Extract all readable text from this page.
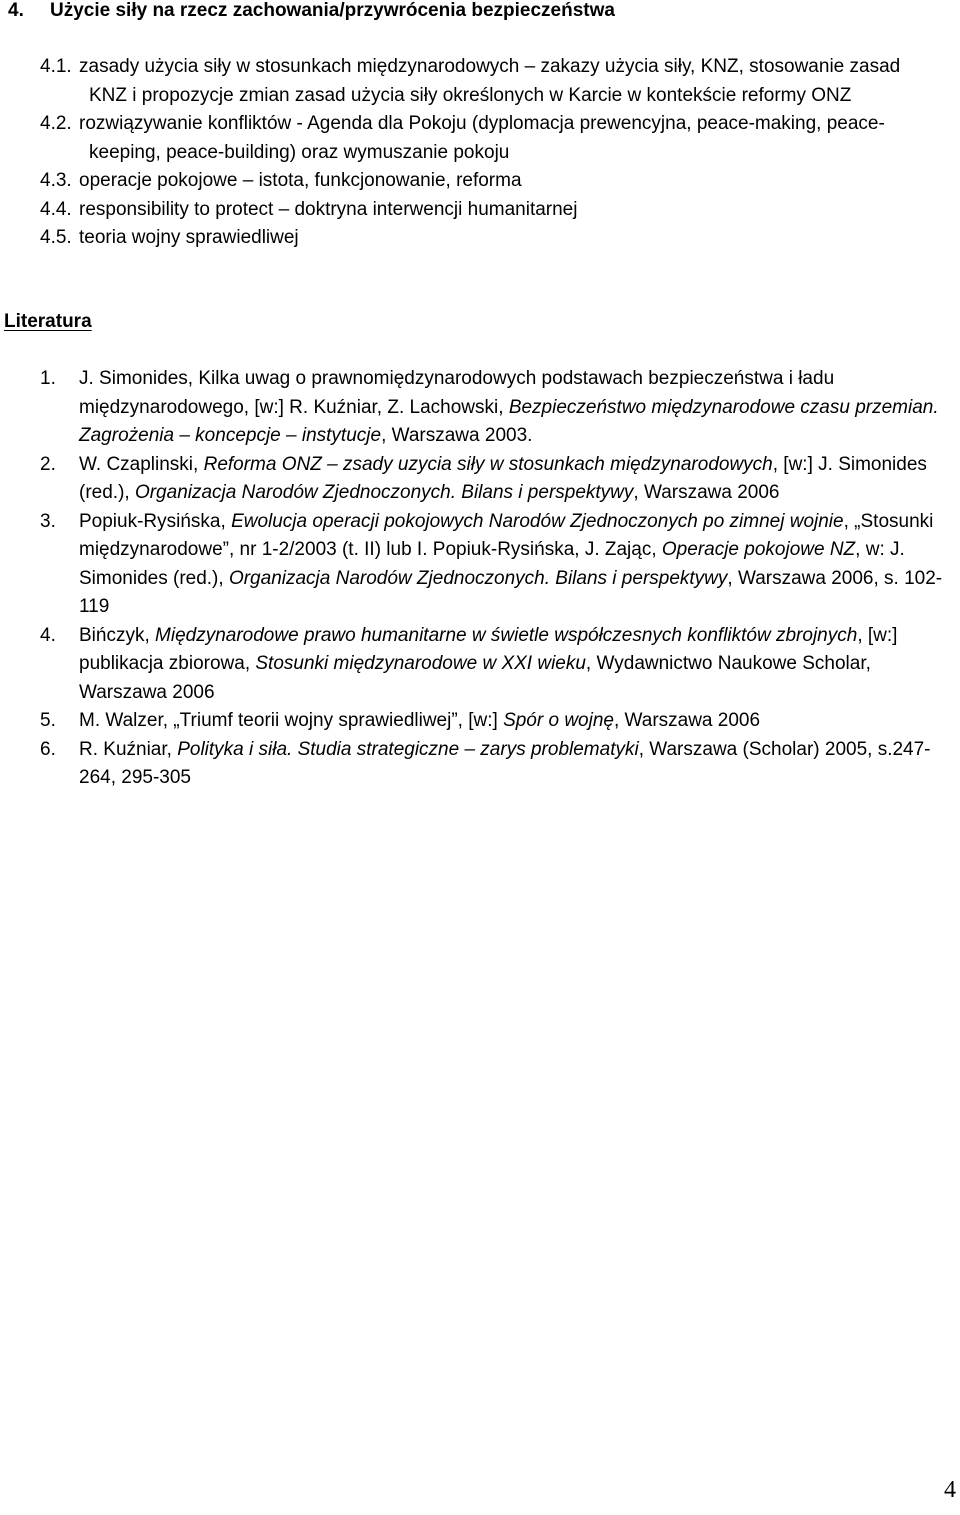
4. Użycie siły na rzecz zachowania/przywrócenia bezpieczeństwa
4.1. zasady użycia siły w stosunkach międzynarodowych – zakazy użycia siły, KNZ, stosowanie zasad KNZ i propozycje zmian zasad użycia siły określonych w Karcie w kontekście reformy ONZ
4.2. rozwiązywanie konfliktów - Agenda dla Pokoju (dyplomacja prewencyjna, peace-making, peace-keeping, peace-building) oraz wymuszanie pokoju
4.3. operacje pokojowe – istota, funkcjonowanie, reforma
4.4. responsibility to protect – doktryna interwencji humanitarnej
4.5. teoria wojny sprawiedliwej
Literatura
1.	J. Simonides, Kilka uwag o prawnomiędzynarodowych podstawach bezpieczeństwa i ładu międzynarodowego, [w:] R. Kuźniar, Z. Lachowski, Bezpieczeństwo międzynarodowe czasu przemian. Zagrożenia – koncepcje – instytucje, Warszawa 2003.
2.	W. Czaplinski, Reforma ONZ – zsady uzycia siły w stosunkach międzynarodowych, [w:] J. Simonides (red.), Organizacja Narodów Zjednoczonych. Bilans i perspektywy, Warszawa 2006
3.	Popiuk-Rysińska, Ewolucja operacji pokojowych Narodów Zjednoczonych po zimnej wojnie, „Stosunki międzynarodowe”, nr 1-2/2003 (t. II) lub I. Popiuk-Rysińska, J. Zając, Operacje pokojowe NZ, w: J. Simonides (red.), Organizacja Narodów Zjednoczonych. Bilans i perspektywy, Warszawa 2006, s. 102-119
4.	Bińczyk, Międzynarodowe prawo humanitarne w świetle współczesnych konfliktów zbrojnych, [w:] publikacja zbiorowa, Stosunki międzynarodowe w XXI wieku, Wydawnictwo Naukowe Scholar, Warszawa 2006
5.	M. Walzer, „Triumf teorii wojny sprawiedliwej”, [w:] Spór o wojnę, Warszawa 2006
6.	R. Kuźniar, Polityka i siła. Studia strategiczne – zarys problematyki, Warszawa (Scholar) 2005, s.247-264, 295-305
4
